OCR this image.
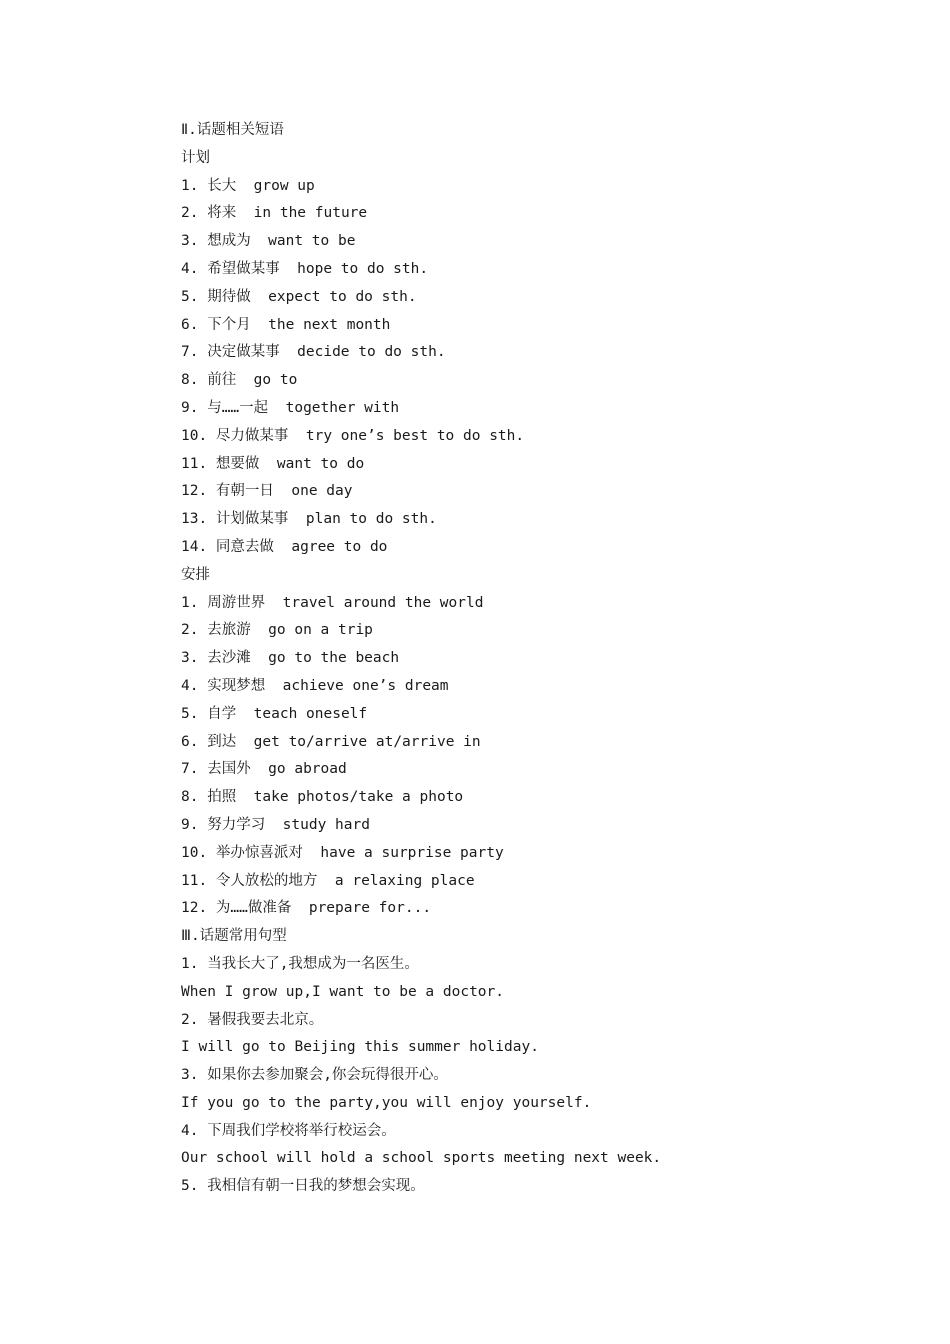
Ⅱ.话题相关短语
计划
1. 长大  grow up
2. 将来  in the future
3. 想成为  want to be
4. 希望做某事  hope to do sth.
5. 期待做  expect to do sth.
6. 下个月  the next month
7. 决定做某事  decide to do sth.
8. 前往  go to
9. 与……一起  together with
10. 尽力做某事  try one’s best to do sth.
11. 想要做  want to do
12. 有朝一日  one day
13. 计划做某事  plan to do sth.
14. 同意去做  agree to do
安排
1. 周游世界  travel around the world
2. 去旅游  go on a trip
3. 去沙滩  go to the beach
4. 实现梦想  achieve one’s dream
5. 自学  teach oneself
6. 到达  get to/arrive at/arrive in
7. 去国外  go abroad
8. 拍照  take photos/take a photo
9. 努力学习  study hard
10. 举办惊喜派对  have a surprise party
11. 令人放松的地方  a relaxing place
12. 为……做准备  prepare for...
Ⅲ.话题常用句型
1. 当我长大了,我想成为一名医生。
When I grow up,I want to be a doctor.
2. 暑假我要去北京。
I will go to Beijing this summer holiday.
3. 如果你去参加聚会,你会玩得很开心。
If you go to the party,you will enjoy yourself.
4. 下周我们学校将举行校运会。
Our school will hold a school sports meeting next week.
5. 我相信有朝一日我的梦想会实现。
